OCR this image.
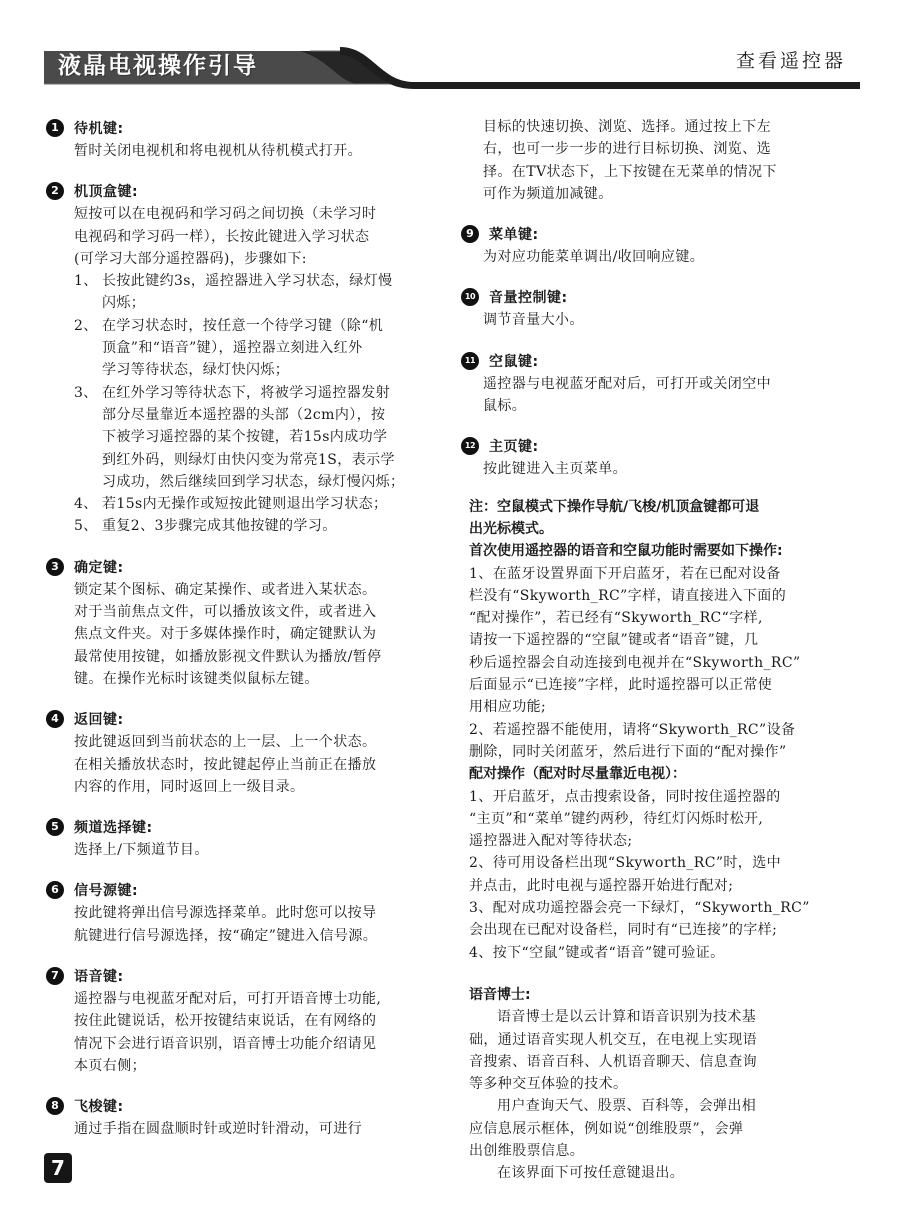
液晶电视操作引导	查看遥控器
1	待机键:
暂时关闭电视机和将电视机从待机模式打开。
2	机顶盒键:
短按可以在电视码和学习码之间切换（未学习时
电视码和学习码一样），长按此键进入学习状态
(可学习大部分遥控器码)，步骤如下:
1、 长按此键约3s，遥控器进入学习状态，绿灯慢
闪烁；
2、 在学习状态时，按任意一个待学习键（除“机
顶盒”和“语音”键），遥控器立刻进入红外
学习等待状态，绿灯快闪烁；
3、 在红外学习等待状态下，将被学习遥控器发射
部分尽量靠近本遥控器的头部（2cm内），按
下被学习遥控器的某个按键，若15s内成功学
到红外码，则绿灯由快闪变为常亮1S，表示学
习成功，然后继续回到学习状态，绿灯慢闪烁；
4、 若15s内无操作或短按此键则退出学习状态；
5、 重复2、3步骤完成其他按键的学习。
3	确定键:
锁定某个图标、确定某操作、或者进入某状态。
对于当前焦点文件，可以播放该文件，或者进入
焦点文件夹。对于多媒体操作时，确定键默认为
最常使用按键，如播放影视文件默认为播放/暂停
键。在操作光标时该键类似鼠标左键。
4	返回键:
按此键返回到当前状态的上一层、上一个状态。
在相关播放状态时，按此键起停止当前正在播放
内容的作用，同时返回上一级目录。
5	频道选择键:
选择上/下频道节目。
6	信号源键:
按此键将弹出信号源选择菜单。此时您可以按导
航键进行信号源选择，按“确定”键进入信号源。
7	语音键:
遥控器与电视蓝牙配对后，可打开语音博士功能,
按住此键说话，松开按键结束说话，在有网络的
情况下会进行语音识别，语音博士功能介绍请见
本页右侧；
8	飞梭键:
通过手指在圆盘顺时针或逆时针滑动，可进行
目标的快速切换、浏览、选择。通过按上下左
右，也可一步一步的进行目标切换、浏览、选
择。在TV状态下，上下按键在无菜单的情况下
可作为频道加减键。
9	菜单键:
为对应功能菜单调出/收回响应键。
10 音量控制键:
调节音量大小。
11 空鼠键:
遥控器与电视蓝牙配对后，可打开或关闭空中
鼠标。
12 主页键:
按此键进入主页菜单。
注：空鼠模式下操作导航/飞梭/机顶盒键都可退
出光标模式。
首次使用遥控器的语音和空鼠功能时需要如下操作:
1、在蓝牙设置界面下开启蓝牙，若在已配对设备
栏没有“Skyworth_RC”字样，请直接进入下面的
“配对操作”，若已经有“Skyworth_RC“字样,
请按一下遥控器的“空鼠”键或者“语音”键，几
秒后遥控器会自动连接到电视并在“Skyworth_RC”
后面显示“已连接”字样，此时遥控器可以正常使
用相应功能;
2、若遥控器不能使用，请将“Skyworth_RC”设备
删除，同时关闭蓝牙，然后进行下面的“配对操作”
配对操作（配对时尽量靠近电视）：
1、开启蓝牙，点击搜索设备，同时按住遥控器的
“主页”和“菜单”键约两秒，待红灯闪烁时松开,
遥控器进入配对等待状态;
2、待可用设备栏出现“Skyworth_RC”时，选中
并点击，此时电视与遥控器开始进行配对;
3、配对成功遥控器会亮一下绿灯，“Skyworth_RC”
会出现在已配对设备栏，同时有“已连接”的字样;
4、按下“空鼠”键或者“语音”键可验证。
语音博士:
语音博士是以云计算和语音识别为技术基
础，通过语音实现人机交互，在电视上实现语
音搜索、语音百科、人机语音聊天、信息查询
等多种交互体验的技术。
用户查询天气、股票、百科等，会弹出相
应信息展示框体，例如说“创维股票”，会弹
出创维股票信息。
在该界面下可按任意键退出。
7
